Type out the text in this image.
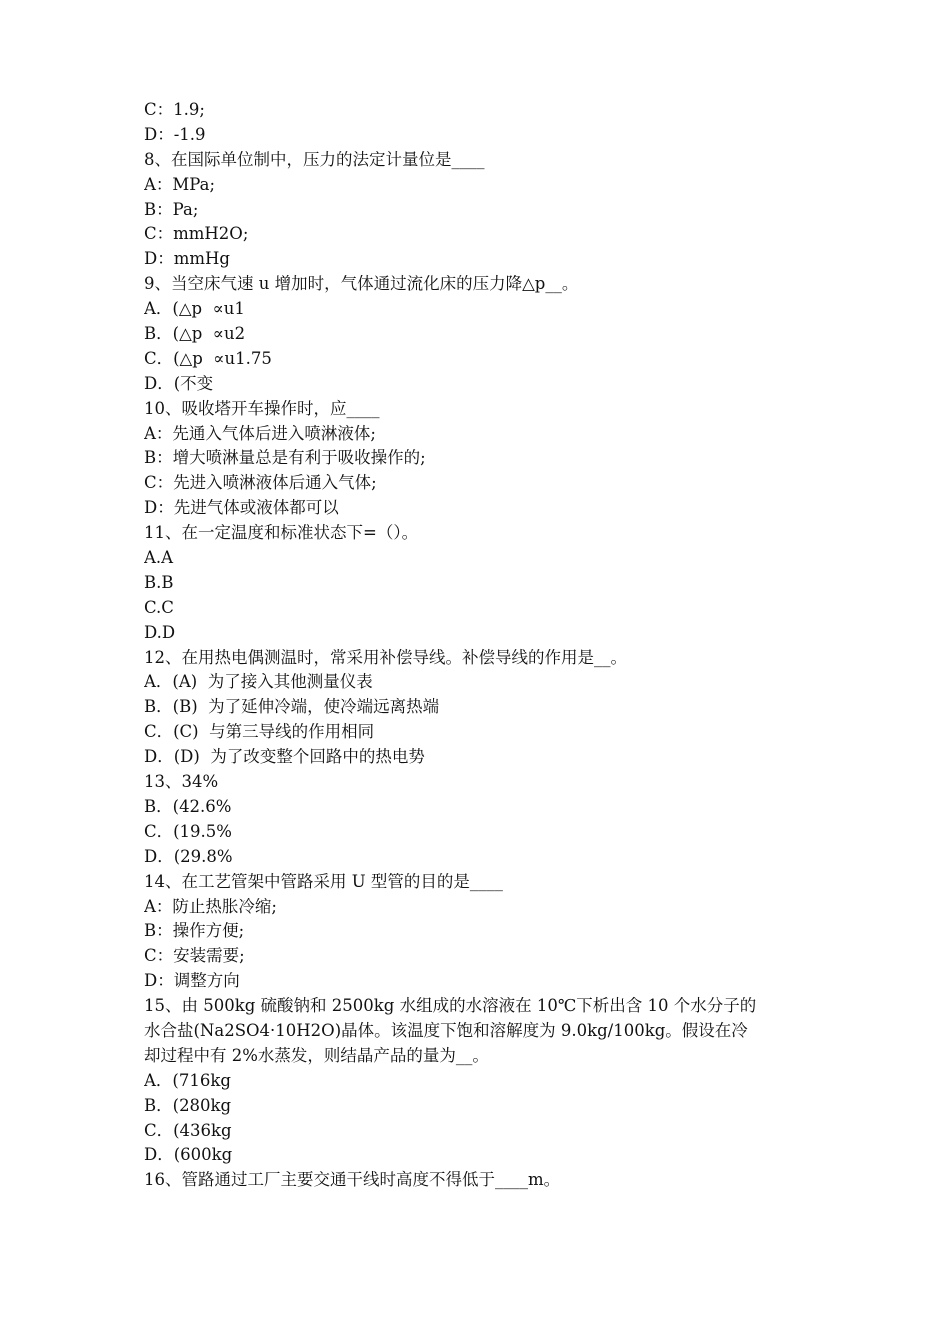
C：1.9;
D：-1.9
8、在国际单位制中，压力的法定计量位是____
A：MPa;
B：Pa;
C：mmH2O;
D：mmHg
9、当空床气速 u 增加时，气体通过流化床的压力降△p__。
A．(△p  ∝u1
B．(△p  ∝u2
C．(△p  ∝u1.75
D．(不变
10、吸收塔开车操作时，应____
A：先通入气体后进入喷淋液体;
B：增大喷淋量总是有利于吸收操作的;
C：先进入喷淋液体后通入气体;
D：先进气体或液体都可以
11、在一定温度和标准状态下=（）。
A.A
B.B
C.C
D.D
12、在用热电偶测温时，常采用补偿导线。补偿导线的作用是__。
A．(A)  为了接入其他测量仪表
B．(B)  为了延伸冷端，使冷端远离热端
C．(C)  与第三导线的作用相同
D．(D)  为了改变整个回路中的热电势
13、34%
B．(42.6%
C．(19.5%
D．(29.8%
14、在工艺管架中管路采用 U 型管的目的是____
A：防止热胀冷缩;
B：操作方便;
C：安装需要;
D：调整方向
15、由 500kg 硫酸钠和 2500kg 水组成的水溶液在 10℃下析出含 10 个水分子的
水合盐(Na2SO4·10H2O)晶体。该温度下饱和溶解度为 9.0kg/100kg。假设在冷
却过程中有 2%水蒸发，则结晶产品的量为__。
A．(716kg
B．(280kg
C．(436kg
D．(600kg
16、管路通过工厂主要交通干线时高度不得低于____m。
